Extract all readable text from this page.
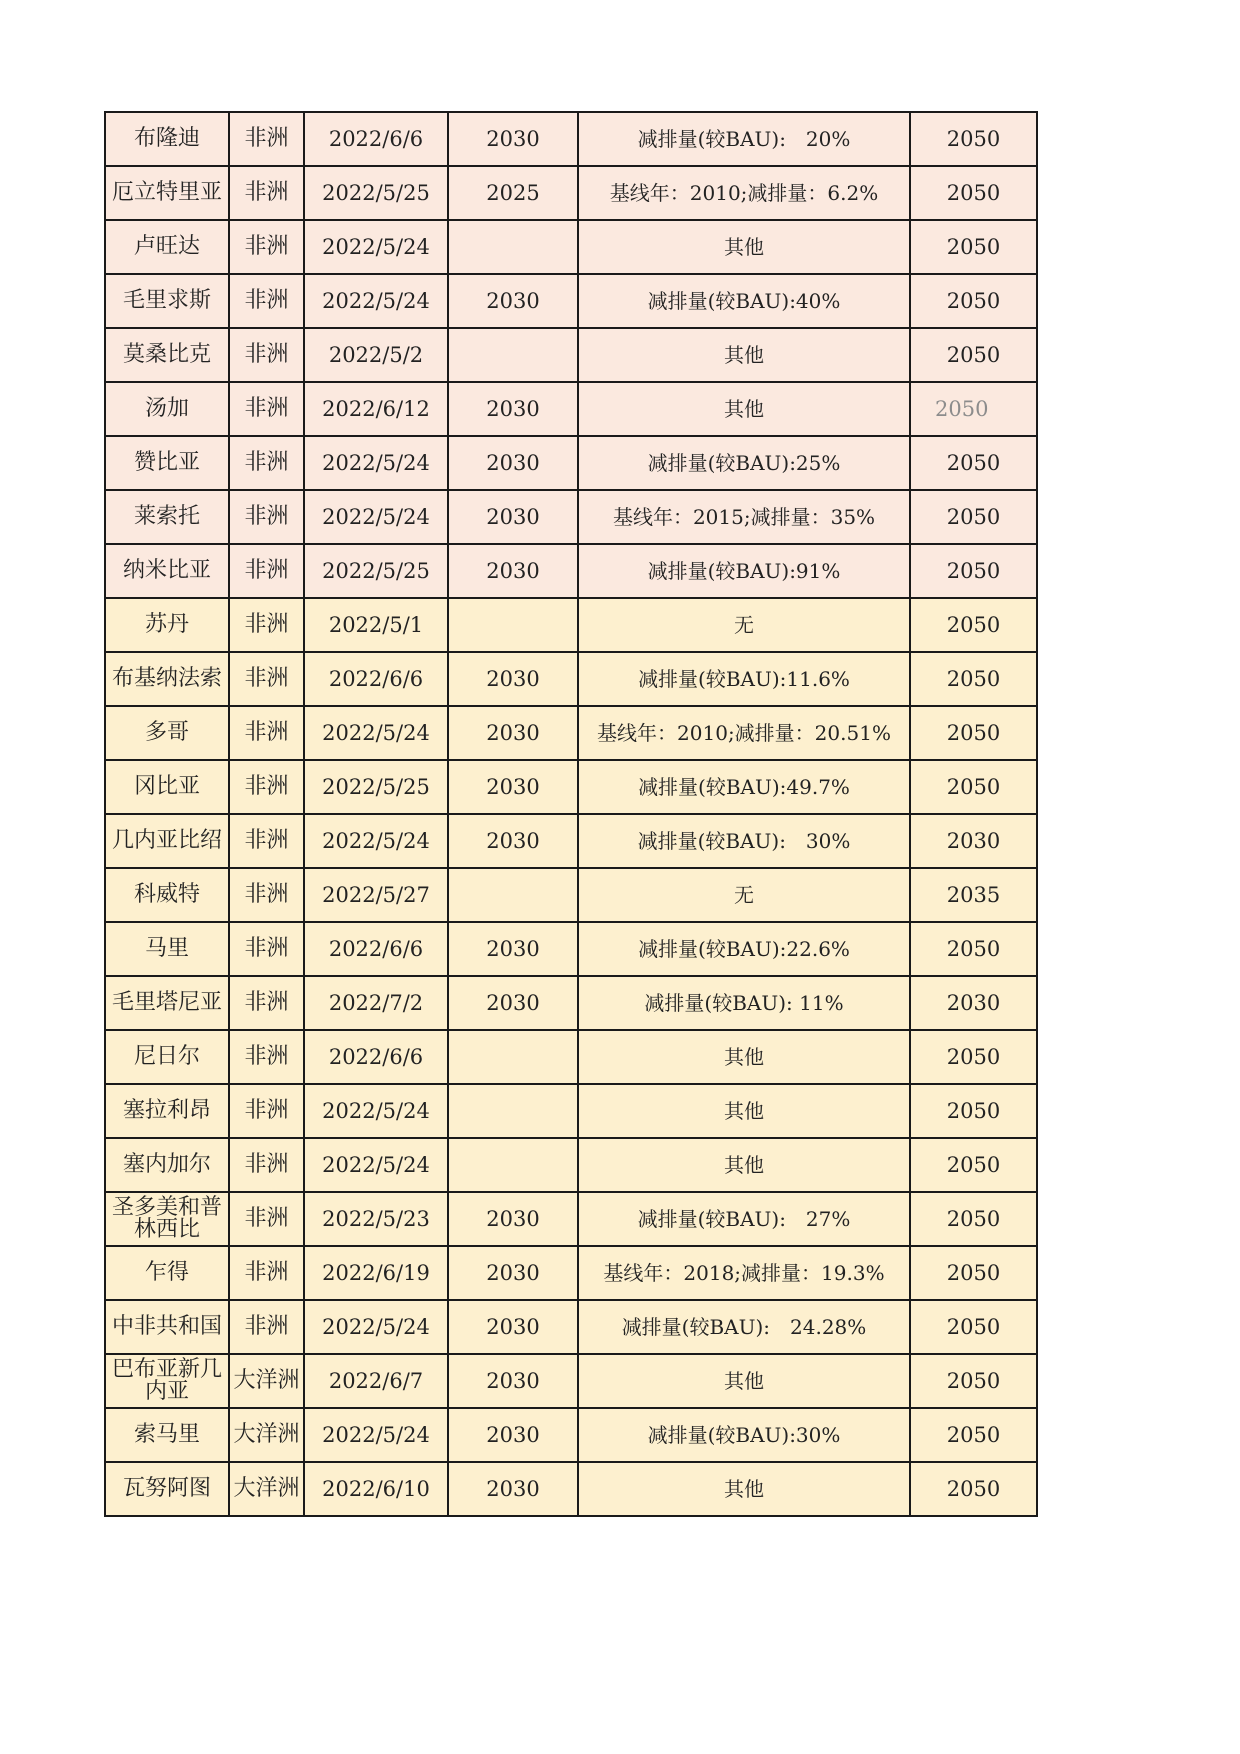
布隆迪	非洲	2022/6/6	2030	减排量(较BAU):　20%	2050
厄立特里亚	非洲	2022/5/25	2025	基线年：2010;减排量：6.2%	2050
卢旺达	非洲	2022/5/24		其他	2050
毛里求斯	非洲	2022/5/24	2030	减排量(较BAU):40%	2050
莫桑比克	非洲	2022/5/2		其他	2050
汤加	非洲	2022/6/12	2030	其他	2050
赞比亚	非洲	2022/5/24	2030	减排量(较BAU):25%	2050
莱索托	非洲	2022/5/24	2030	基线年：2015;减排量：35%	2050
纳米比亚	非洲	2022/5/25	2030	减排量(较BAU):91%	2050
苏丹	非洲	2022/5/1		无	2050
布基纳法索	非洲	2022/6/6	2030	减排量(较BAU):11.6%	2050
多哥	非洲	2022/5/24	2030	基线年：2010;减排量：20.51%	2050
冈比亚	非洲	2022/5/25	2030	减排量(较BAU):49.7%	2050
几内亚比绍	非洲	2022/5/24	2030	减排量(较BAU):　30%	2030
科威特	非洲	2022/5/27		无	2035
马里	非洲	2022/6/6	2030	减排量(较BAU):22.6%	2050
毛里塔尼亚	非洲	2022/7/2	2030	减排量(较BAU): 11%	2030
尼日尔	非洲	2022/6/6		其他	2050
塞拉利昂	非洲	2022/5/24		其他	2050
塞内加尔	非洲	2022/5/24		其他	2050
圣多美和普林西比	非洲	2022/5/23	2030	减排量(较BAU):　27%	2050
乍得	非洲	2022/6/19	2030	基线年：2018;减排量：19.3%	2050
中非共和国	非洲	2022/5/24	2030	减排量(较BAU):　24.28%	2050
巴布亚新几内亚	大洋洲	2022/6/7	2030	其他	2050
索马里	大洋洲	2022/5/24	2030	减排量(较BAU):30%	2050
瓦努阿图	大洋洲	2022/6/10	2030	其他	2050
